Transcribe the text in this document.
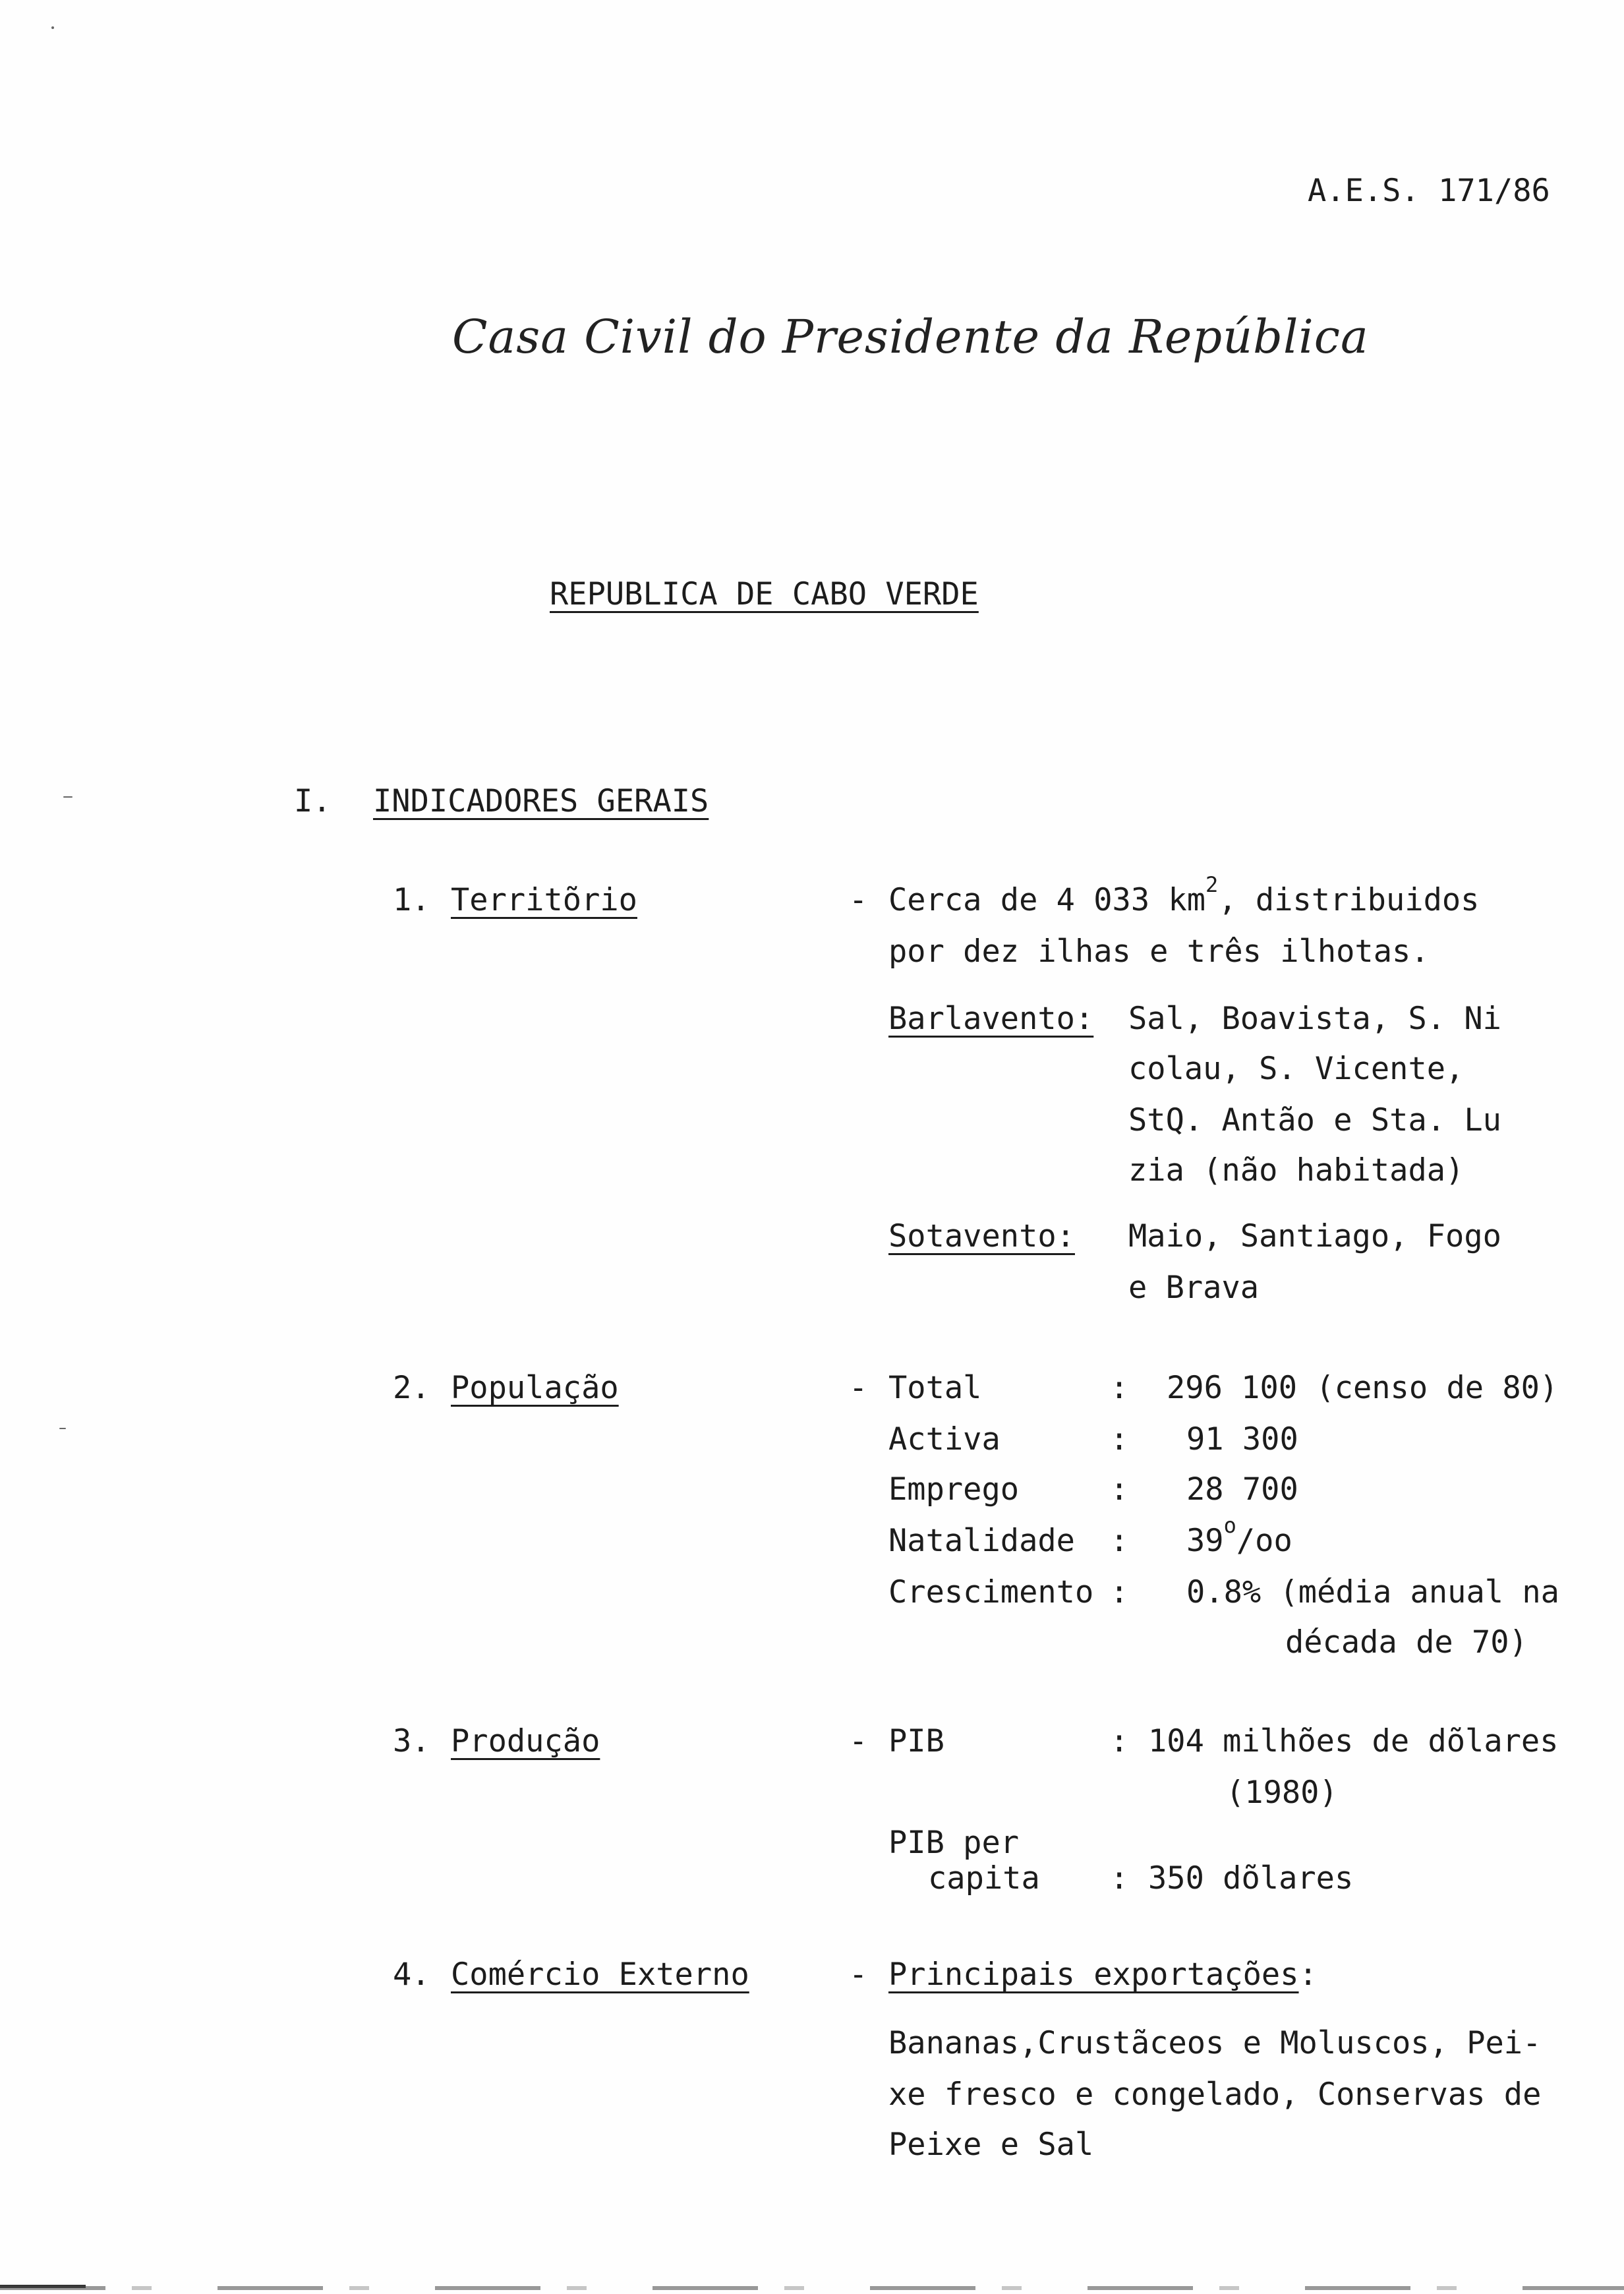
A.E.S. 171/86
Casa Civil do Presidente da República
REPUBLICA DE CABO VERDE
I. INDICADORES GERAIS
1. Territõrio	- Cerca de 4 033 $km^2$, distribuidos
por dez ilhas e três ilhotas.
Barlavento: Sal, Boavista, S. Ni
colau, S. Vicente,
StQ. Antão e Sta. Lu
zia (não habitada)
Sotavento: Maio, Santiago, Fogo
e Brava
2. População	- Total	: 296 100 (censo de 80)
Activa	: 91 300
Emprego	: 28 700
Natalidade : 39$^o$/oo
Crescimento : 0.8% (média anual na
década de 70)
3. Produção	- PIB	: 104 milhões de dõlares
(1980)
PIB per
capita : 350 dõlares
4. Comércio Externo	- Principais exportações:
Bananas,Crustãceos e Moluscos, Pei-
xe fresco e congelado, Conservas de
Peixe e Sal
